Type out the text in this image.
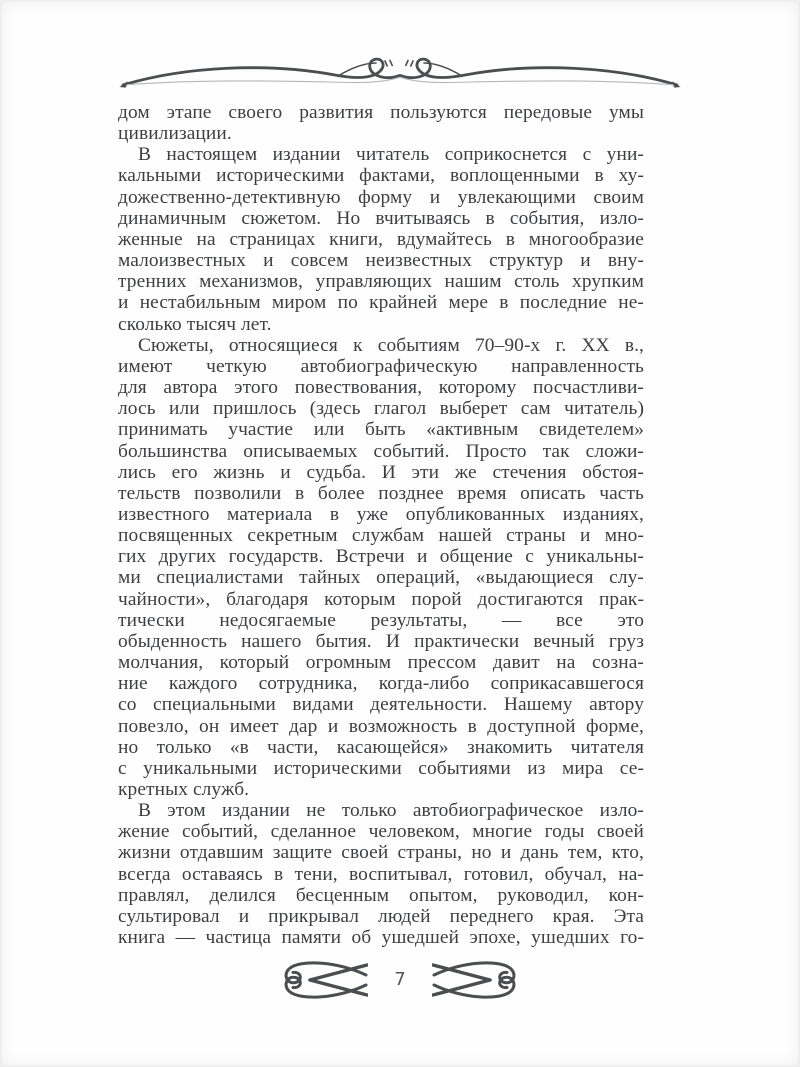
дом этапе своего развития пользуются передовые умы
цивилизации.
В настоящем издании читатель соприкоснется с уни-
кальными историческими фактами, воплощенными в ху-
дожественно-детективную форму и увлекающими своим
динамичным сюжетом. Но вчитываясь в события, изло-
женные на страницах книги, вдумайтесь в многообразие
малоизвестных и совсем неизвестных структур и вну-
тренних механизмов, управляющих нашим столь хрупким
и нестабильным миром по крайней мере в последние не-
сколько тысяч лет.
Сюжеты, относящиеся к событиям 70–90-х г. XX в.,
имеют четкую автобиографическую направленность
для автора этого повествования, которому посчастливи-
лось или пришлось (здесь глагол выберет сам читатель)
принимать участие или быть «активным свидетелем»
большинства описываемых событий. Просто так сложи-
лись его жизнь и судьба. И эти же стечения обстоя-
тельств позволили в более позднее время описать часть
известного материала в уже опубликованных изданиях,
посвященных секретным службам нашей страны и мно-
гих других государств. Встречи и общение с уникальны-
ми специалистами тайных операций, «выдающиеся слу-
чайности», благодаря которым порой достигаются прак-
тически недосягаемые результаты, — все это
обыденность нашего бытия. И практически вечный груз
молчания, который огромным прессом давит на созна-
ние каждого сотрудника, когда-либо соприкасавшегося
со специальными видами деятельности. Нашему автору
повезло, он имеет дар и возможность в доступной форме,
но только «в части, касающейся» знакомить читателя
с уникальными историческими событиями из мира се-
кретных служб.
В этом издании не только автобиографическое изло-
жение событий, сделанное человеком, многие годы своей
жизни отдавшим защите своей страны, но и дань тем, кто,
всегда оставаясь в тени, воспитывал, готовил, обучал, на-
правлял, делился бесценным опытом, руководил, кон-
сультировал и прикрывал людей переднего края. Эта
книга — частица памяти об ушедшей эпохе, ушедших го-
7
